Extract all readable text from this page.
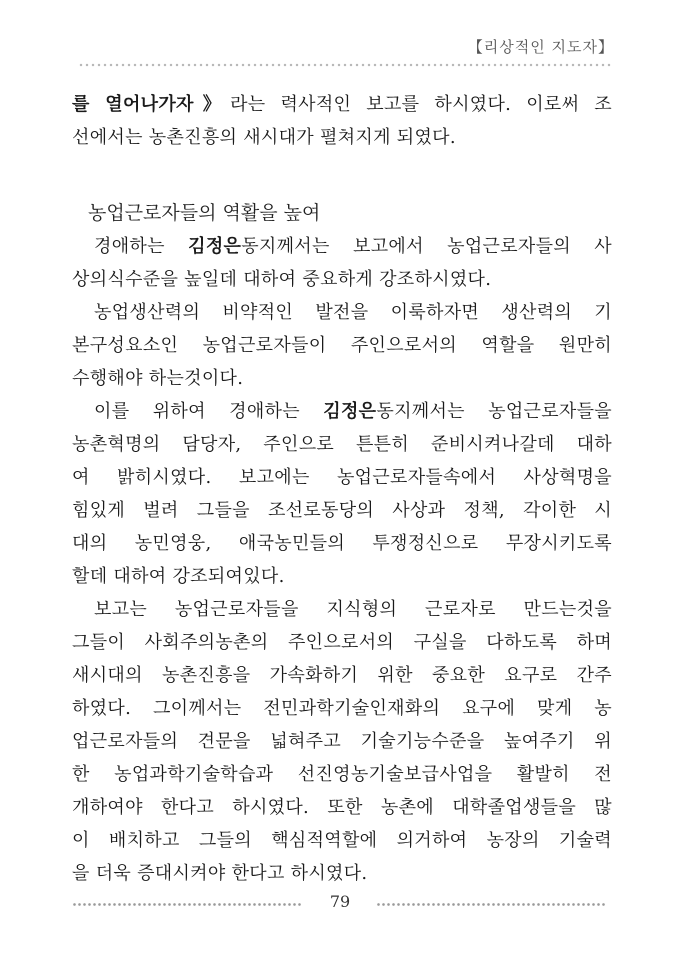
【리상적인 지도자】
를 열어나가자》라는 력사적인 보고를 하시였다. 이로써 조
선에서는 농촌진흥의 새시대가 펼쳐지게 되였다.
농업근로자들의 역활을 높여
경애하는 김정은동지께서는 보고에서 농업근로자들의 사
상의식수준을 높일데 대하여 중요하게 강조하시였다.
농업생산력의 비약적인 발전을 이룩하자면 생산력의 기
본구성요소인 농업근로자들이 주인으로서의 역할을 원만히
수행해야 하는것이다.
이를 위하여 경애하는 김정은동지께서는 농업근로자들을
농촌혁명의 담당자, 주인으로 튼튼히 준비시켜나갈데 대하
여 밝히시였다. 보고에는 농업근로자들속에서 사상혁명을
힘있게 벌려 그들을 조선로동당의 사상과 정책, 각이한 시
대의 농민영웅, 애국농민들의 투쟁정신으로 무장시키도록
할데 대하여 강조되여있다.
보고는 농업근로자들을 지식형의 근로자로 만드는것을
그들이 사회주의농촌의 주인으로서의 구실을 다하도록 하며
새시대의 농촌진흥을 가속화하기 위한 중요한 요구로 간주
하였다. 그이께서는 전민과학기술인재화의 요구에 맞게 농
업근로자들의 견문을 넓혀주고 기술기능수준을 높여주기 위
한 농업과학기술학습과 선진영농기술보급사업을 활발히 전
개하여야 한다고 하시였다. 또한 농촌에 대학졸업생들을 많
이 배치하고 그들의 핵심적역할에 의거하여 농장의 기술력
을 더욱 증대시켜야 한다고 하시였다.
79
